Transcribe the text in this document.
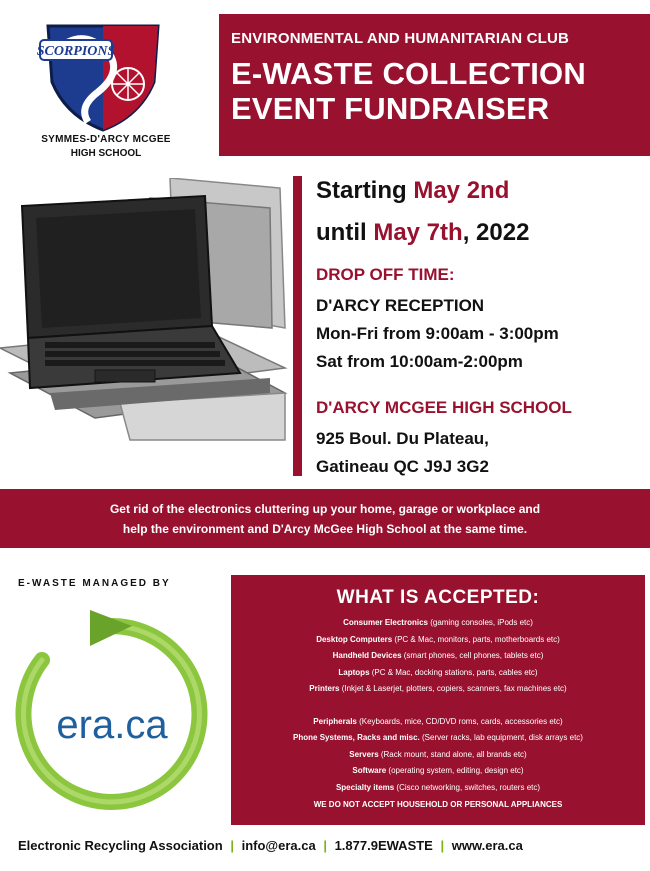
SCORPIONS
SYMMES-D'ARCY MCGEE
HIGH SCHOOL
ENVIRONMENTAL AND HUMANITARIAN CLUB
E-WASTE COLLECTION
EVENT FUNDRAISER
Starting May 2nd
until May 7th, 2022
DROP OFF TIME:
D'ARCY RECEPTION
Mon-Fri from 9:00am - 3:00pm
Sat from 10:00am-2:00pm
D'ARCY MCGEE HIGH SCHOOL
925 Boul. Du Plateau,
Gatineau QC J9J 3G2
Get rid of the electronics cluttering up your home, garage or workplace and
help the environment and D'Arcy McGee High School at the same time.
E-WASTE MANAGED BY
era.ca
WHAT IS ACCEPTED:
Consumer Electronics (gaming consoles, iPods etc)
Desktop Computers (PC & Mac, monitors, parts, motherboards etc)
Handheld Devices (smart phones, cell phones, tablets etc)
Laptops (PC & Mac, docking stations, parts, cables etc)
Printers (Inkjet & Laserjet, plotters, copiers, scanners, fax machines etc)
Peripherals (Keyboards, mice, CD/DVD roms, cards, accessories etc)
Phone Systems, Racks and misc. (Server racks, lab equipment, disk arrays etc)
Servers (Rack mount, stand alone, all brands etc)
Software (operating system, editing, design etc)
Specialty items (Cisco networking, switches, routers etc)
WE DO NOT ACCEPT HOUSEHOLD OR PERSONAL APPLIANCES
Electronic Recycling Association | info@era.ca | 1.877.9EWASTE | www.era.ca
